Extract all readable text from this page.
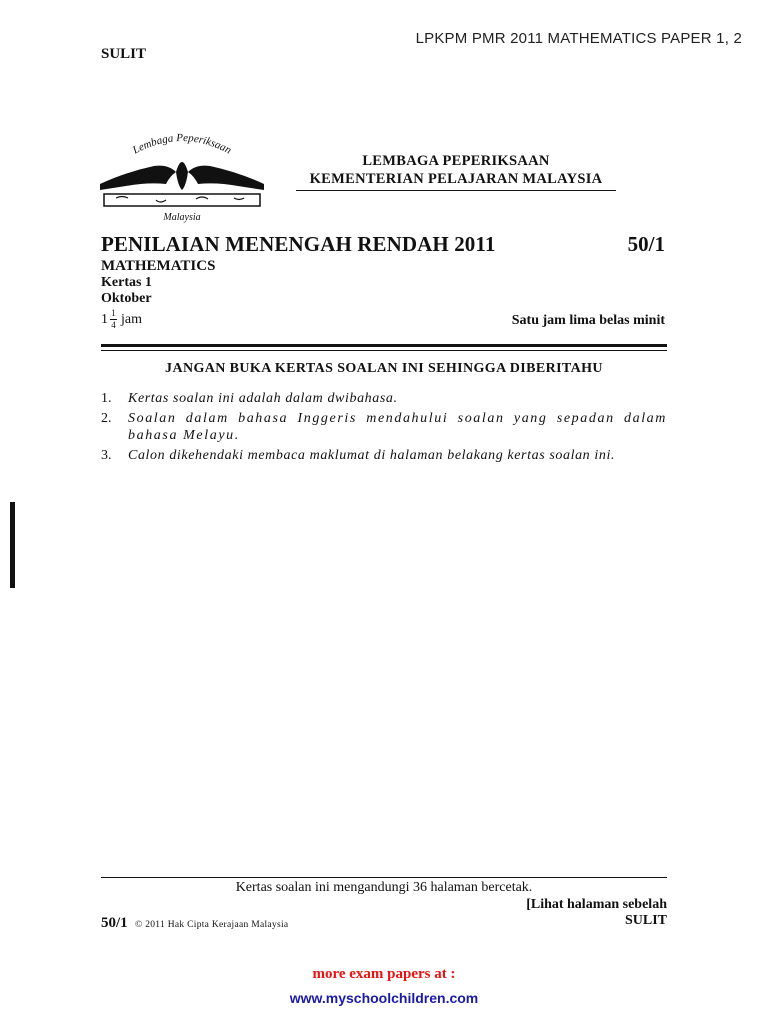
LPKPM PMR 2011 MATHEMATICS PAPER 1, 2
SULIT
Lembaga Peperiksaan
Malaysia
LEMBAGA PEPERIKSAAN
KEMENTERIAN PELAJARAN MALAYSIA
PENILAIAN MENENGAH RENDAH 2011	50/1
MATHEMATICS
Kertas 1
Oktober
$1 \frac{1}{4}$ jam	Satu jam lima belas minit
JANGAN BUKA KERTAS SOALAN INI SEHINGGA DIBERITAHU
1.	Kertas soalan ini adalah dalam dwibahasa.
2.	Soalan dalam bahasa Inggeris mendahului soalan yang sepadan dalam bahasa Melayu.
3.	Calon dikehendaki membaca maklumat di halaman belakang kertas soalan ini.
Kertas soalan ini mengandungi 36 halaman bercetak.
[Lihat halaman sebelah
50/1 © 2011 Hak Cipta Kerajaan Malaysia	SULIT
more exam papers at :
www.myschoolchildren.com
